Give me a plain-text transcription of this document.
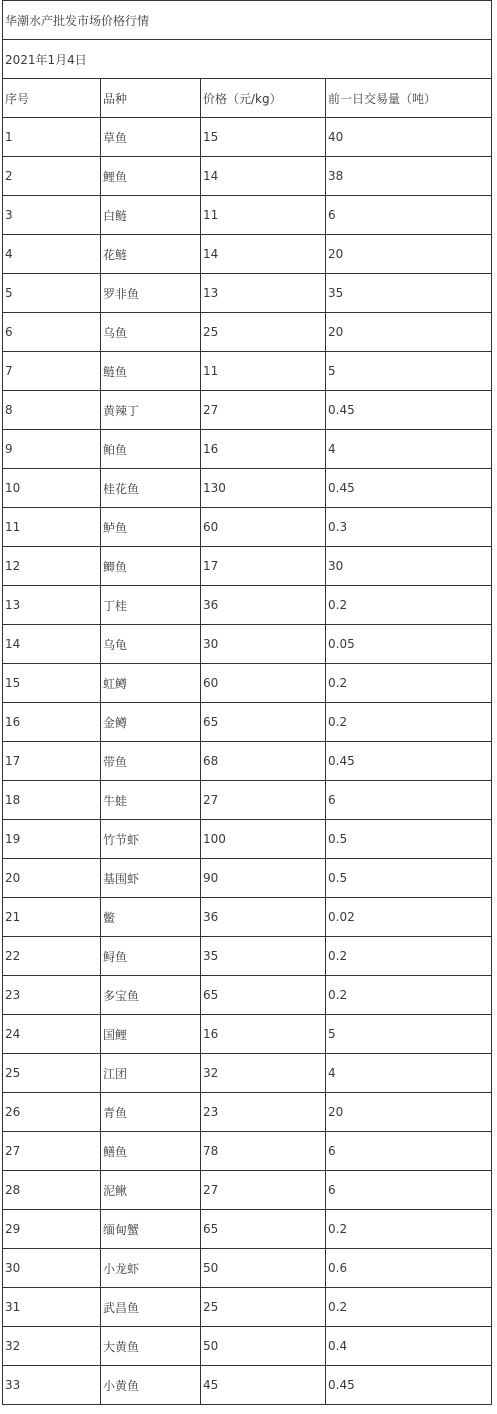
华潮水产批发市场价格行情			
2021年1月4日			
序号	品种	价格（元/kg）	前一日交易量（吨）
1	草鱼	15	40
2	鲤鱼	14	38
3	白鲢	11	6
4	花鲢	14	20
5	罗非鱼	13	35
6	乌鱼	25	20
7	鲢鱼	11	5
8	黄辣丁	27	0.45
9	鲌鱼	16	4
10	桂花鱼	130	0.45
11	鲈鱼	60	0.3
12	鲫鱼	17	30
13	丁桂	36	0.2
14	乌龟	30	0.05
15	虹鳟	60	0.2
16	金鳟	65	0.2
17	带鱼	68	0.45
18	牛蛙	27	6
19	竹节虾	100	0.5
20	基围虾	90	0.5
21	鳖	36	0.02
22	鲟鱼	35	0.2
23	多宝鱼	65	0.2
24	国鲤	16	5
25	江团	32	4
26	青鱼	23	20
27	鳝鱼	78	6
28	泥鳅	27	6
29	缅甸蟹	65	0.2
30	小龙虾	50	0.6
31	武昌鱼	25	0.2
32	大黄鱼	50	0.4
33	小黄鱼	45	0.45
